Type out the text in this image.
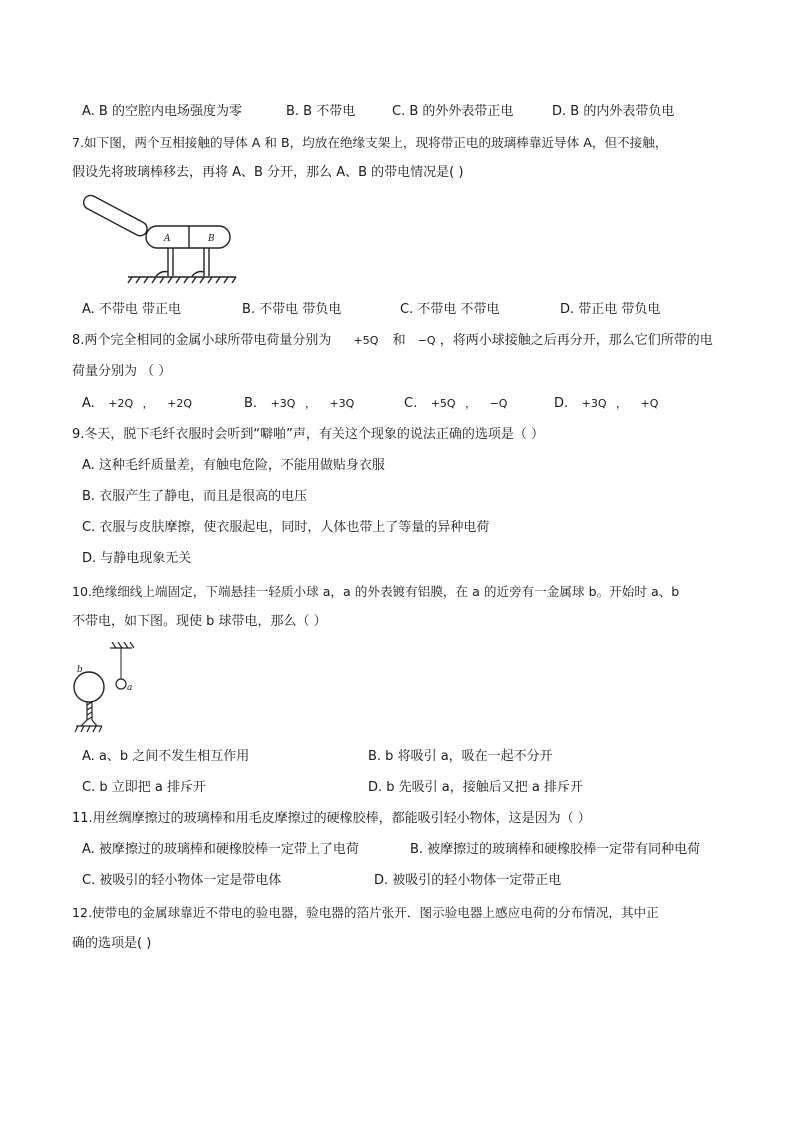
A. B 的空腔内电场强度为零	B. B 不带电	C. B 的外外表带正电	D. B 的内外表带负电
7.如下图，两个互相接触的导体 A 和 B，均放在绝缘支架上，现将带正电的玻璃棒靠近导体 A，但不接触，
假设先将玻璃棒移去，再将 A、B 分开，那么 A、B 的带电情况是( )
A	B
A. 不带电 带正电	B. 不带电 带负电	C. 不带电 不带电	D. 带正电 带负电
8.两个完全相同的金属小球所带电荷量分别为 +5Q 和 −Q ，将两小球接触之后再分开，那么它们所带的电
荷量分别为 （ ）
A. +2Q ， +2Q	B. +3Q ， +3Q	C. +5Q ， −Q	D. +3Q ， +Q
9.冬天，脱下毛纤衣服时会听到“噼啪”声，有关这个现象的说法正确的选项是（ ）
A. 这种毛纤质量差，有触电危险，不能用做贴身衣服
B. 衣服产生了静电，而且是很高的电压
C. 衣服与皮肤摩擦，使衣服起电，同时，人体也带上了等量的异种电荷
D. 与静电现象无关
10.绝缘细线上端固定，下端悬挂一轻质小球 a，a 的外表镀有铝膜，在 a 的近旁有一金属球 b。开始时 a、b
不带电，如下图。现使 b 球带电，那么（ ）
a
b
A. a、b 之间不发生相互作用	B. b 将吸引 a，吸在一起不分开
C. b 立即把 a 排斥开	D. b 先吸引 a，接触后又把 a 排斥开
11.用丝绸摩擦过的玻璃棒和用毛皮摩擦过的硬橡胶棒，都能吸引轻小物体，这是因为（ ）
A. 被摩擦过的玻璃棒和硬橡胶棒一定带上了电荷	B. 被摩擦过的玻璃棒和硬橡胶棒一定带有同种电荷
C. 被吸引的轻小物体一定是带电体	D. 被吸引的轻小物体一定带正电
12.使带电的金属球靠近不带电的验电器，验电器的箔片张开．图示验电器上感应电荷的分布情况，其中正
确的选项是( )
